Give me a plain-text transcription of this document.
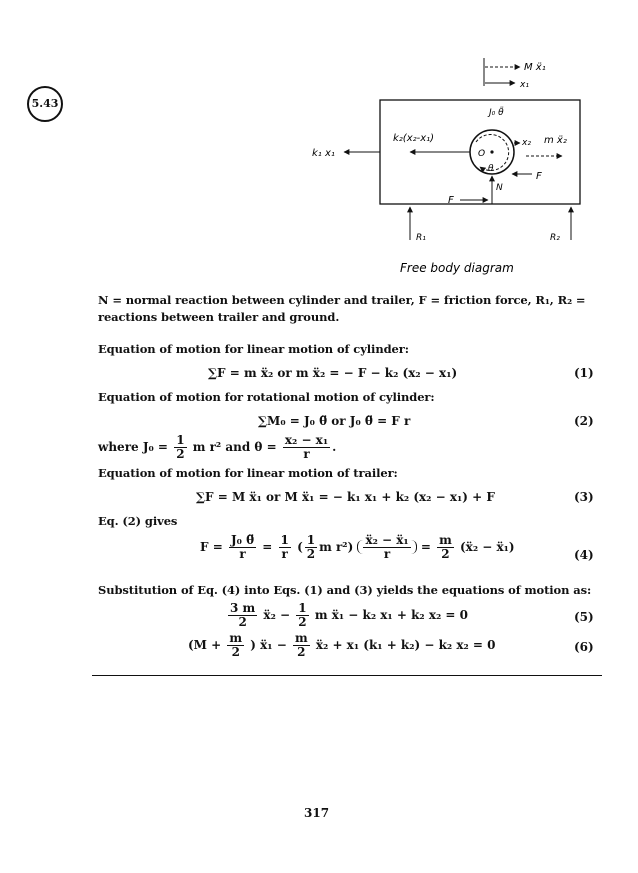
5.43
M ẍ₁
x₁
J₀ θ̈
O
θ
k₂(x₂-x₁)
k₁ x₁
x₂ m ẍ₂
F
N
F
R₁	R₂
Free body diagram
N = normal reaction between cylinder and trailer, F = friction force, R₁, R₂ = reactions between trailer and ground.
Equation of motion for linear motion of cylinder:
∑F = m ẍ₂ or m ẍ₂ = − F − k₂ (x₂ − x₁)	(1)
Equation of motion for rotational motion of cylinder:
∑M₀ = J₀ θ̈ or J₀ θ̈ = F r	(2)
where $J_0 = \frac{1}{2}$ m r² and $\theta = \frac{\text{x₂ − x₁}}{r}$ .
Equation of motion for linear motion of trailer:
∑F = M ẍ₁ or M ẍ₁ = − k₁ x₁ + k₂ (x₂ − x₁) + F	(3)
Eq. (2) gives
$F = \frac{\text{J₀ θ̈}}{r} = \frac{1}{r}$ ( $\frac{1}{2}$ m $r^2) \frac{\text{ẍ₂ − ẍ₁}}{r} = \frac{m}{2}$ (ẍ₂ − ẍ₁)
(4)
Substitution of Eq. (4) into Eqs. (1) and (3) yields the equations of motion as:
$\frac{3 m}{2}$ ẍ₂ − $\frac{1}{2}$ m ẍ₁ − k₂ x₁ + k₂ x₂ = 0	(5)
($M + \frac{m}{2}$ ) ẍ₁ − $\frac{m}{2}$ ẍ₂ + x₁ (k₁ + k₂) − k₂ x₂ = 0	(6)
317
